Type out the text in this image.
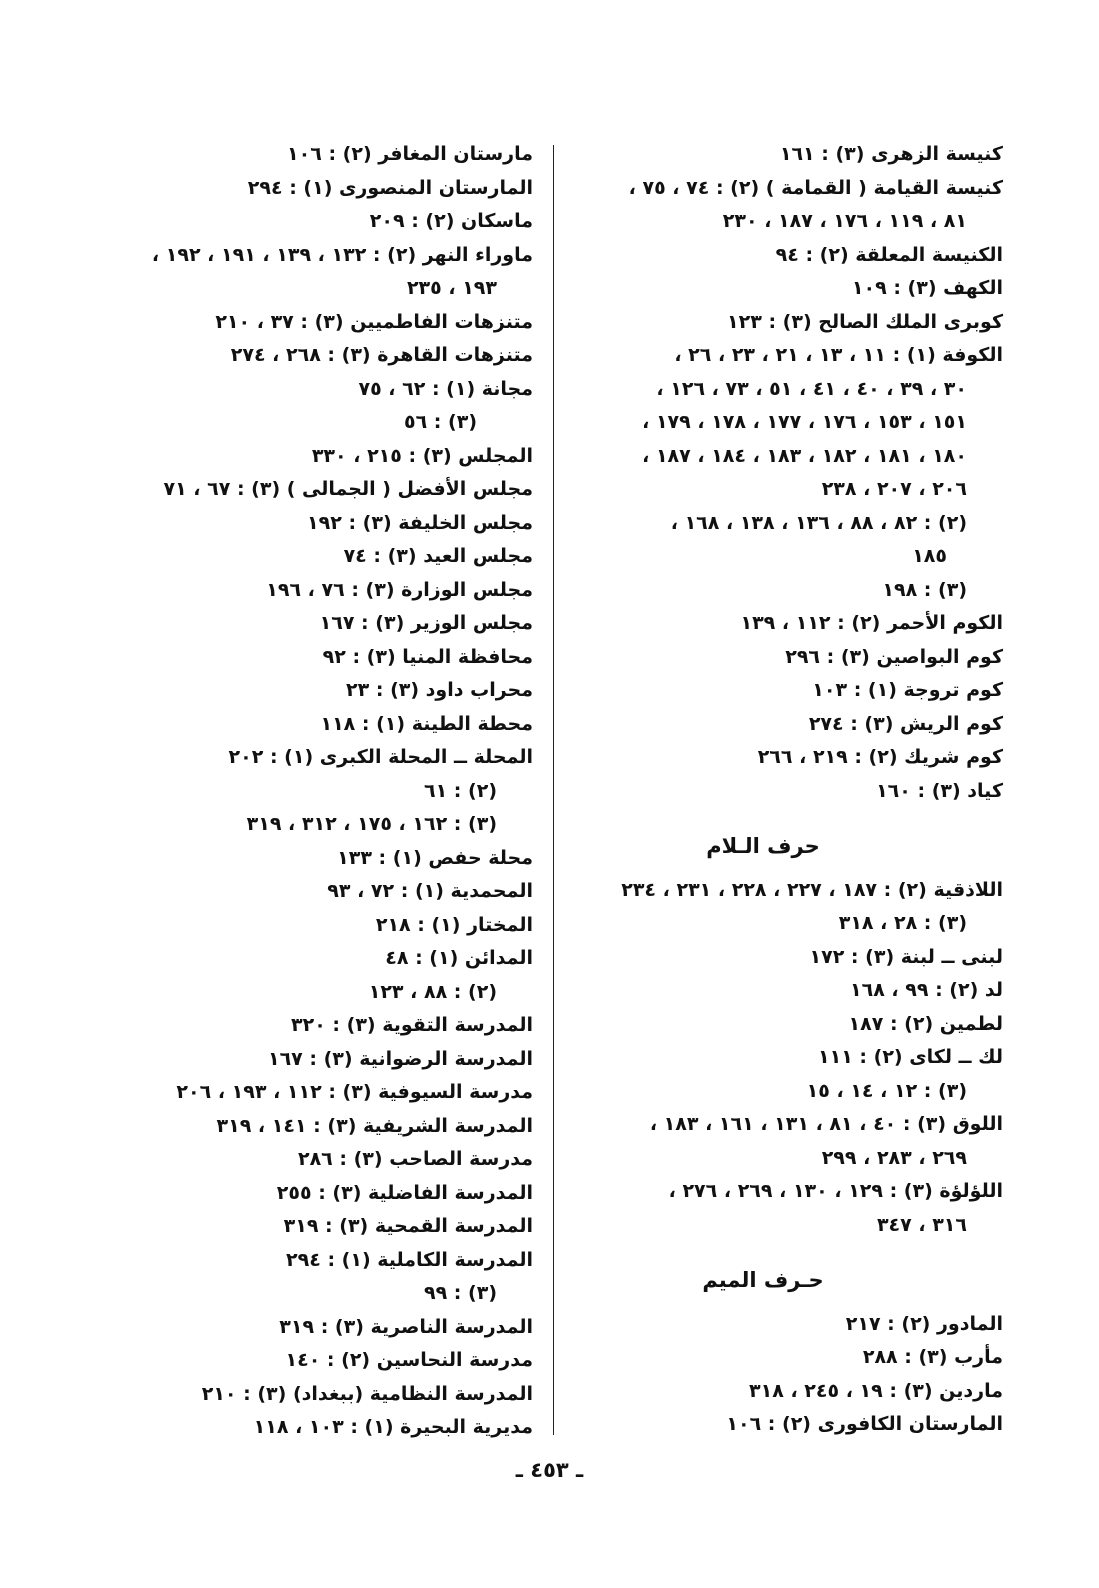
كنيسة الزهرى (٣) : ١٦١
كنيسة القيامة ( القمامة ) (٢) : ٧٤ ، ٧٥ ،
٨١ ، ١١٩ ، ١٧٦ ، ١٨٧ ، ٢٣٠
الكنيسة المعلقة (٢) : ٩٤
الكهف (٣) : ١٠٩
كوبرى الملك الصالح (٣) : ١٢٣
الكوفة (١) : ١١ ، ١٣ ، ٢١ ، ٢٣ ، ٢٦ ،
٣٠ ، ٣٩ ، ٤٠ ، ٤١ ، ٥١ ، ٧٣ ، ١٢٦ ،
١٥١ ، ١٥٣ ، ١٧٦ ، ١٧٧ ، ١٧٨ ، ١٧٩ ،
١٨٠ ، ١٨١ ، ١٨٢ ، ١٨٣ ، ١٨٤ ، ١٨٧ ،
٢٠٦ ، ٢٠٧ ، ٢٣٨
(٢) : ٨٢ ، ٨٨ ، ١٣٦ ، ١٣٨ ، ١٦٨ ،
١٨٥
(٣) : ١٩٨
الكوم الأحمر (٢) : ١١٢ ، ١٣٩
كوم البواصين (٣) : ٢٩٦
كوم تروجة (١) : ١٠٣
كوم الريش (٣) : ٢٧٤
كوم شريك (٢) : ٢١٩ ، ٢٦٦
كياد (٣) : ١٦٠
حرف الـلام
اللاذقية (٢) : ١٨٧ ، ٢٢٧ ، ٢٢٨ ، ٢٣١ ، ٢٣٤
(٣) : ٢٨ ، ٣١٨
لبنى ــ لبنة (٣) : ١٧٢
لد (٢) : ٩٩ ، ١٦٨
لطمين (٢) : ١٨٧
لك ــ لكاى (٢) : ١١١
(٣) : ١٢ ، ١٤ ، ١٥
اللوق (٣) : ٤٠ ، ٨١ ، ١٣١ ، ١٦١ ، ١٨٣ ،
٢٦٩ ، ٢٨٣ ، ٢٩٩
اللؤلؤة (٣) : ١٢٩ ، ١٣٠ ، ٢٦٩ ، ٢٧٦ ،
٣١٦ ، ٣٤٧
حـرف الميم
المادور (٢) : ٢١٧
مأرب (٣) : ٢٨٨
ماردين (٣) : ١٩ ، ٢٤٥ ، ٣١٨
المارستان الكافورى (٢) : ١٠٦
مارستان المغافر (٢) : ١٠٦
المارستان المنصورى (١) : ٢٩٤
ماسكان (٢) : ٢٠٩
ماوراء النهر (٢) : ١٣٢ ، ١٣٩ ، ١٩١ ، ١٩٢ ،
١٩٣ ، ٢٣٥
متنزهات الفاطميين (٣) : ٣٧ ، ٢١٠
متنزهات القاهرة (٣) : ٢٦٨ ، ٢٧٤
مجانة (١) : ٦٢ ، ٧٥
(٣) : ٥٦
المجلس (٣) : ٢١٥ ، ٣٣٠
مجلس الأفضل ( الجمالى ) (٣) : ٦٧ ، ٧١
مجلس الخليفة (٣) : ١٩٢
مجلس العيد (٣) : ٧٤
مجلس الوزارة (٣) : ٧٦ ، ١٩٦
مجلس الوزير (٣) : ١٦٧
محافظة المنيا (٣) : ٩٢
محراب داود (٣) : ٢٣
محطة الطينة (١) : ١١٨
المحلة ــ المحلة الكبرى (١) : ٢٠٢
(٢) : ٦١
(٣) : ١٦٢ ، ١٧٥ ، ٣١٢ ، ٣١٩
محلة حفص (١) : ١٣٣
المحمدية (١) : ٧٢ ، ٩٣
المختار (١) : ٢١٨
المدائن (١) : ٤٨
(٢) : ٨٨ ، ١٢٣
المدرسة التقوية (٣) : ٣٢٠
المدرسة الرضوانية (٣) : ١٦٧
مدرسة السيوفية (٣) : ١١٢ ، ١٩٣ ، ٢٠٦
المدرسة الشريفية (٣) : ١٤١ ، ٣١٩
مدرسة الصاحب (٣) : ٢٨٦
المدرسة الفاضلية (٣) : ٢٥٥
المدرسة القمحية (٣) : ٣١٩
المدرسة الكاملية (١) : ٢٩٤
(٣) : ٩٩
المدرسة الناصرية (٣) : ٣١٩
مدرسة النحاسين (٢) : ١٤٠
المدرسة النظامية (ببغداد) (٣) : ٢١٠
مديرية البحيرة (١) : ١٠٣ ، ١١٨
ـ ٤٥٣ ـ
